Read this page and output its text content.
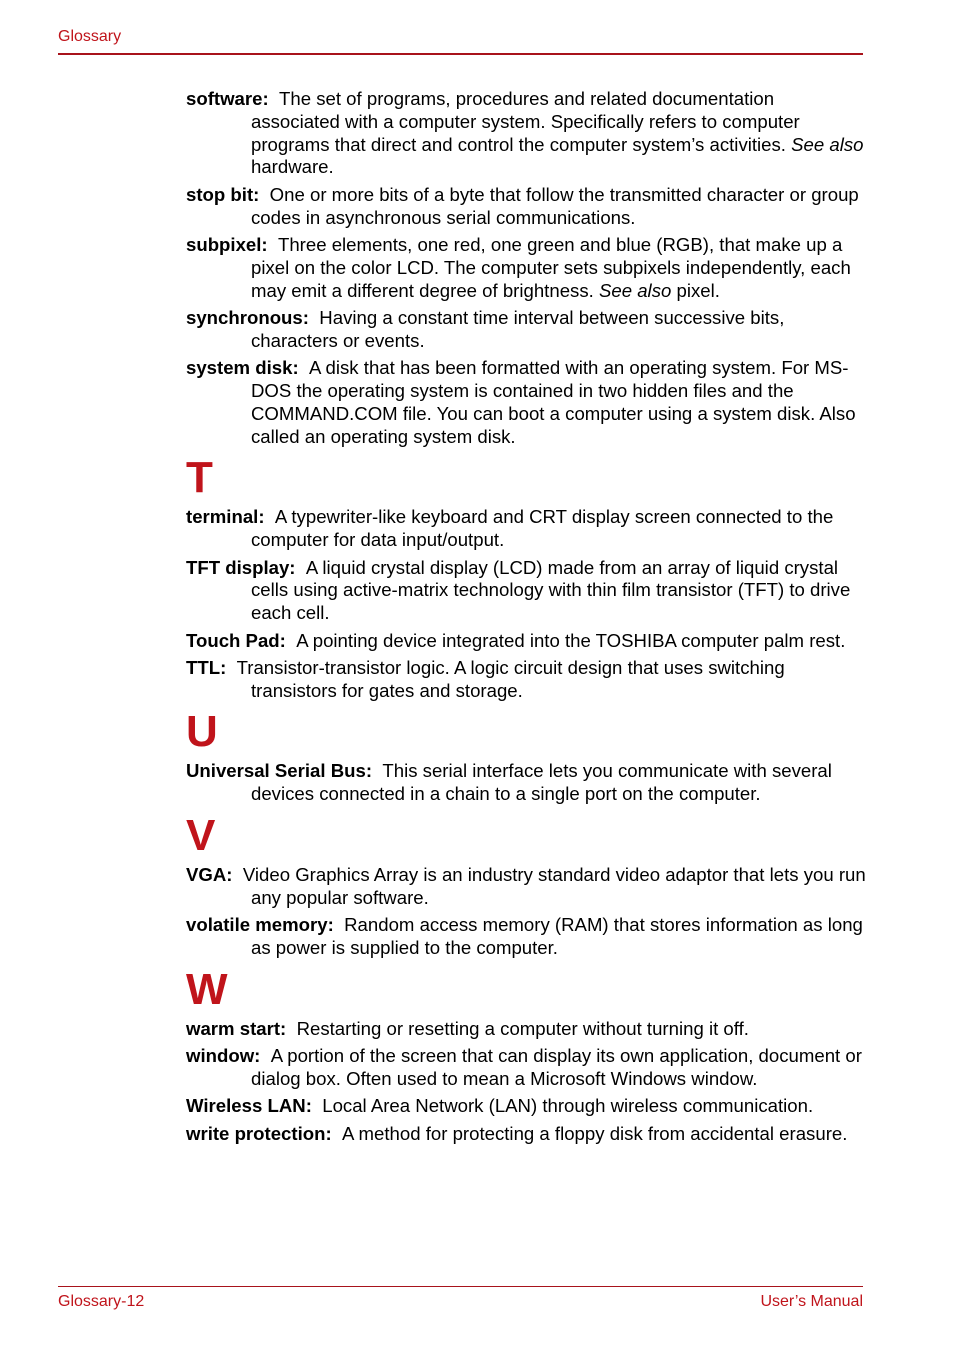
Glossary

software: The set of programs, procedures and related documentation associated with a computer system. Specifically refers to computer programs that direct and control the computer system’s activities. See also hardware.

stop bit: One or more bits of a byte that follow the transmitted character or group codes in asynchronous serial communications.

subpixel: Three elements, one red, one green and blue (RGB), that make up a pixel on the color LCD. The computer sets subpixels independently, each may emit a different degree of brightness. See also pixel.

synchronous: Having a constant time interval between successive bits, characters or events.

system disk: A disk that has been formatted with an operating system. For MS-DOS the operating system is contained in two hidden files and the COMMAND.COM file. You can boot a computer using a system disk. Also called an operating system disk.

T

terminal: A typewriter-like keyboard and CRT display screen connected to the computer for data input/output.

TFT display: A liquid crystal display (LCD) made from an array of liquid crystal cells using active-matrix technology with thin film transistor (TFT) to drive each cell.

Touch Pad: A pointing device integrated into the TOSHIBA computer palm rest.

TTL: Transistor-transistor logic. A logic circuit design that uses switching transistors for gates and storage.

U

Universal Serial Bus: This serial interface lets you communicate with several devices connected in a chain to a single port on the computer.

V

VGA: Video Graphics Array is an industry standard video adaptor that lets you run any popular software.

volatile memory: Random access memory (RAM) that stores information as long as power is supplied to the computer.

W

warm start: Restarting or resetting a computer without turning it off.

window: A portion of the screen that can display its own application, document or dialog box. Often used to mean a Microsoft Windows window.

Wireless LAN: Local Area Network (LAN) through wireless communication.

write protection: A method for protecting a floppy disk from accidental erasure.

Glossary-12	User’s Manual
